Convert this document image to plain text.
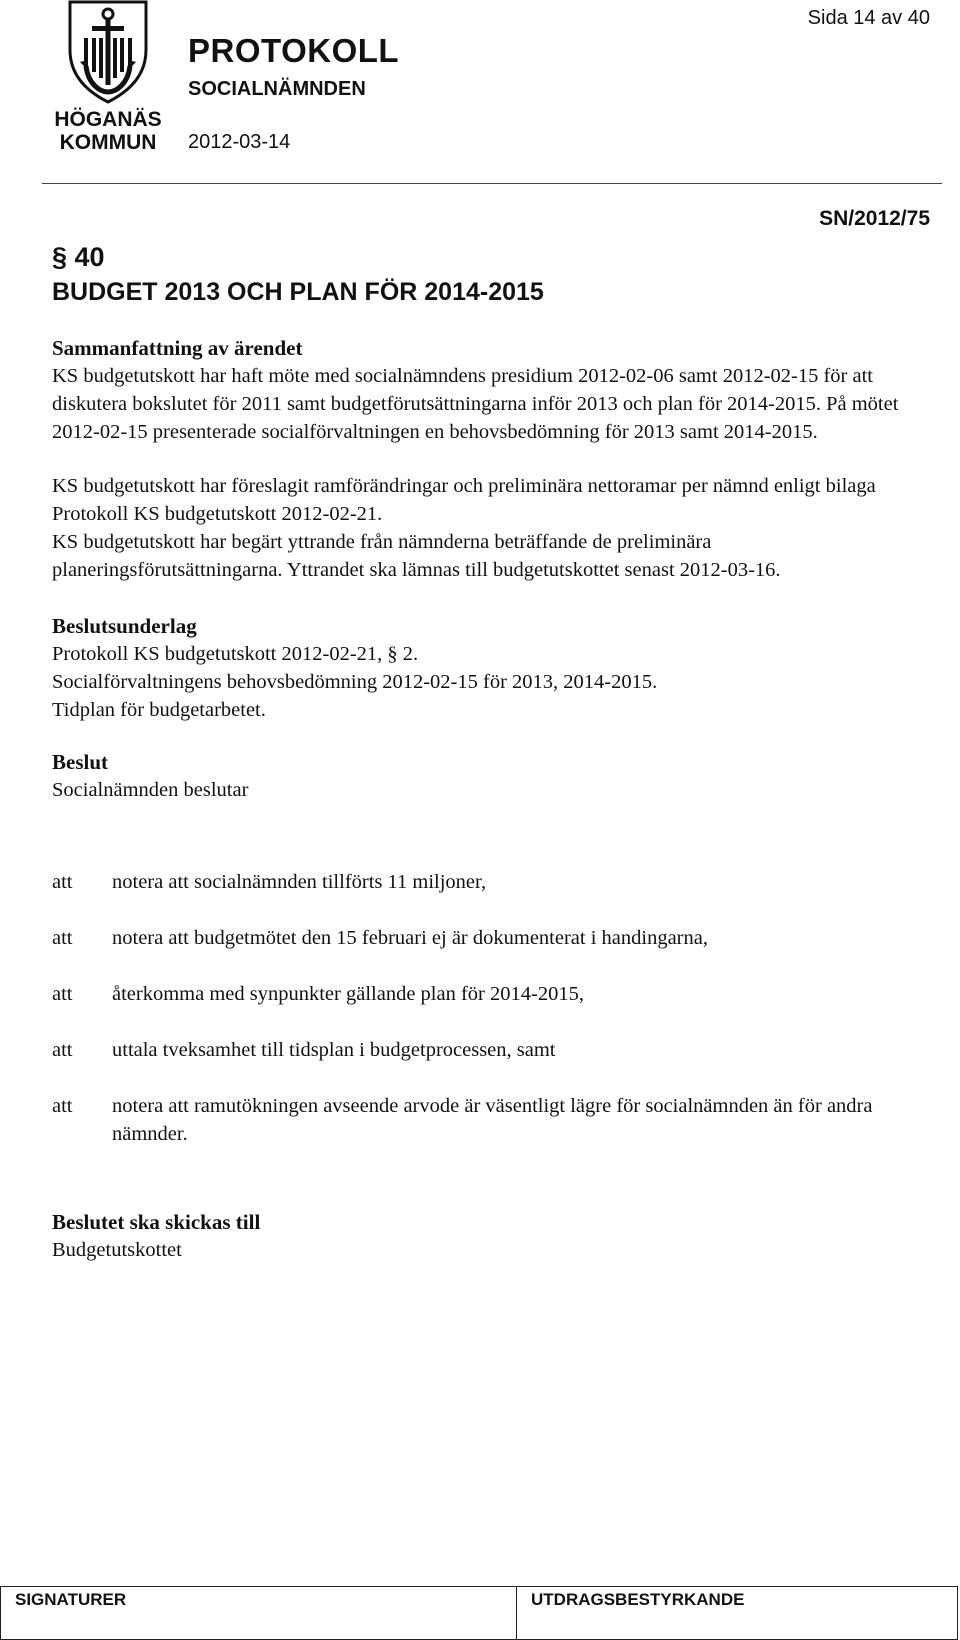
HÖGANÄS
KOMMUN
PROTOKOLL
SOCIALNÄMNDEN
2012-03-14
Sida 14 av 40
SN/2012/75
§ 40
BUDGET 2013 OCH PLAN FÖR 2014-2015

Sammanfattning av ärendet

KS budgetutskott har haft möte med socialnämndens presidium 2012-02-06 samt 2012-02-15 för att diskutera bokslutet för 2011 samt budgetförutsättningarna inför 2013 och plan för 2014-2015. På mötet 2012-02-15 presenterade socialförvaltningen en behovsbedömning för 2013 samt 2014-2015.

KS budgetutskott har föreslagit ramförändringar och preliminära nettoramar per nämnd enligt bilaga Protokoll KS budgetutskott 2012-02-21.

KS budgetutskott har begärt yttrande från nämnderna beträffande de preliminära planeringsförutsättningarna. Yttrandet ska lämnas till budgetutskottet senast 2012-03-16.

Beslutsunderlag

Protokoll KS budgetutskott 2012-02-21, § 2.

Socialförvaltningens behovsbedömning 2012-02-15 för 2013, 2014-2015.

Tidplan för budgetarbetet.

Beslut

Socialnämnden beslutar

att	notera att socialnämnden tillförts 11 miljoner,
att	notera att budgetmötet den 15 februari ej är dokumenterat i handingarna,
att	återkomma med synpunkter gällande plan för 2014-2015,
att	uttala tveksamhet till tidsplan i budgetprocessen, samt
att	notera att ramutökningen avseende arvode är väsentligt lägre för socialnämnden än för andra nämnder.
Beslutet ska skickas till
Budgetutskottet
SIGNATURER	UTDRAGSBESTYRKANDE
